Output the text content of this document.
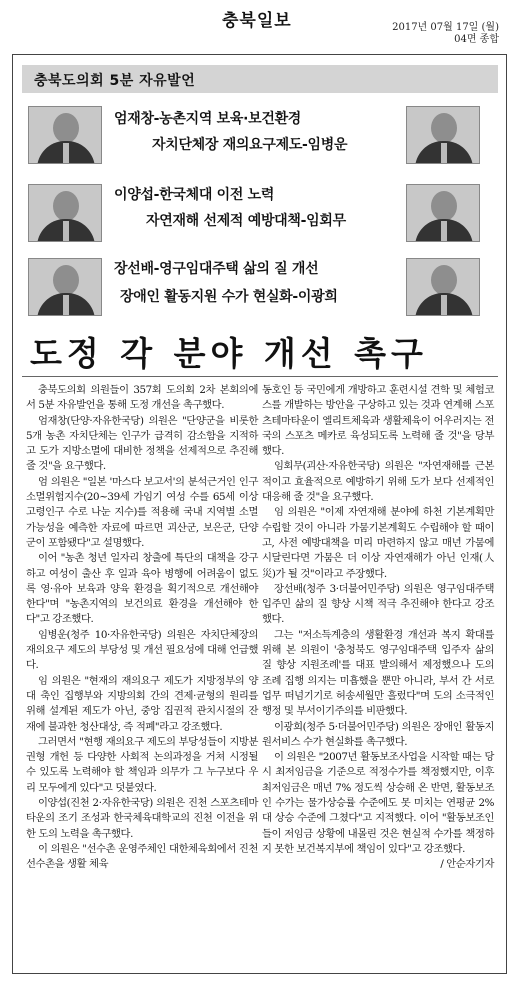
충북일보	2017년 07월 17일 (월)
04면 종합
충북도의회 5분 자유발언
엄재창-농촌지역 보육·보건환경
자치단체장 재의요구제도-임병운
이양섭-한국체대 이전 노력
자연재해 선제적 예방대책-임회무
장선배-영구임대주택 삶의 질 개선
장애인 활동지원 수가 현실화-이광희
도정 각 분야 개선 촉구

충북도의회 의원들이 357회 도의회 2차 본회의에서 5분 자유발언을 통해 도정 개선을 촉구했다.

엄재창(단양·자유한국당) 의원은 "단양군을 비롯한 5개 농촌 자치단체는 인구가 급격히 감소함을 지적하고 도가 지방소멸에 대비한 정책을 선제적으로 추진해 줄 것"을 요구했다.

엄 의원은 "일본 '마스다 보고서'의 분석근거인 인구소멸위험지수(20~39세 가임기 여성 수를 65세 이상 고령인구 수로 나눈 지수)를 적용해 국내 지역별 소멸가능성을 예측한 자료에 따르면 괴산군, 보은군, 단양군이 포함됐다"고 설명했다.

이어 "농촌 청년 일자리 창출에 특단의 대책을 강구하고 여성이 출산 후 일과 육아 병행에 어려움이 없도록 영·유아 보육과 양육 환경을 획기적으로 개선해야 한다"며 "농촌지역의 보건의료 환경을 개선해야 한다"고 강조했다.

임병운(청주 10·자유한국당) 의원은 자치단체장의 재의요구 제도의 부당성 및 개선 필요성에 대해 언급했다.

임 의원은 "현재의 재의요구 제도가 지방정부의 양대 축인 집행부와 지방의회 간의 견제·균형의 원리를 위해 설계된 제도가 아닌, 중앙 집권적 관치시절의 잔재에 불과한 청산대상, 즉 적폐"라고 강조했다.

그러면서 "현행 재의요구 제도의 부당성들이 지방분권형 개헌 등 다양한 사회적 논의과정을 거쳐 시정될 수 있도록 노력해야 할 책임과 의무가 그 누구보다 우리 모두에게 있다"고 덧붙였다.

이양섭(진천 2·자유한국당) 의원은 진천 스포츠테마타운의 조기 조성과 한국체육대학교의 진천 이전을 위한 도의 노력을 촉구했다.

이 의원은 "선수촌 운영주체인 대한체육회에서 진천 선수촌을 생활 체육

동호인 등 국민에게 개방하고 훈련시설 견학 및 체험코스를 개발하는 방안을 구상하고 있는 것과 연계해 스포츠테마타운이 엘리트체육과 생활체육이 어우러지는 전국의 스포츠 메카로 육성되도록 노력해 줄 것"을 당부했다.

임회무(괴산·자유한국당) 의원은 "자연재해를 근본적이고 효율적으로 예방하기 위해 도가 보다 선제적인 대응해 줄 것"을 요구했다.

임 의원은 "이제 자연재해 분야에 하천 기본계획만 수립할 것이 아니라 가뭄기본계획도 수립해야 할 때이고, 사전 예방대책을 미리 마련하지 않고 매년 가뭄에 시달린다면 가뭄은 더 이상 자연재해가 아닌 인재(人災)가 될 것"이라고 주장했다.

장선배(청주 3·더불어민주당) 의원은 영구임대주택 입주민 삶의 질 향상 시책 적극 추진해야 한다고 강조했다.

그는 "저소득계층의 생활환경 개선과 복지 확대를 위해 본 의원이 '충청북도 영구임대주택 입주자 삶의 질 향상 지원조례'를 대표 발의해서 제정했으나 도의 조례 집행 의지는 미흡했을 뿐만 아니라, 부서 간 서로 업무 떠넘기기로 허송세월만 흘렀다"며 도의 소극적인 행정 및 부서이기주의를 비판했다.

이광희(청주 5·더불어민주당) 의원은 장애인 활동지원서비스 수가 현실화를 촉구했다.

이 의원은 "2007년 활동보조사업을 시작할 때는 당시 최저임금을 기준으로 적정수가를 책정했지만, 이후 최저임금은 매년 7% 정도씩 상승해 온 반면, 활동보조인 수가는 물가상승률 수준에도 못 미치는 연평균 2%대 상승 수준에 그쳤다"고 지적했다. 이어 "활동보조인들이 저임금 상황에 내몰린 것은 현실적 수가를 책정하지 못한 보건복지부에 책임이 있다"고 강조했다.

/ 안순자기자
